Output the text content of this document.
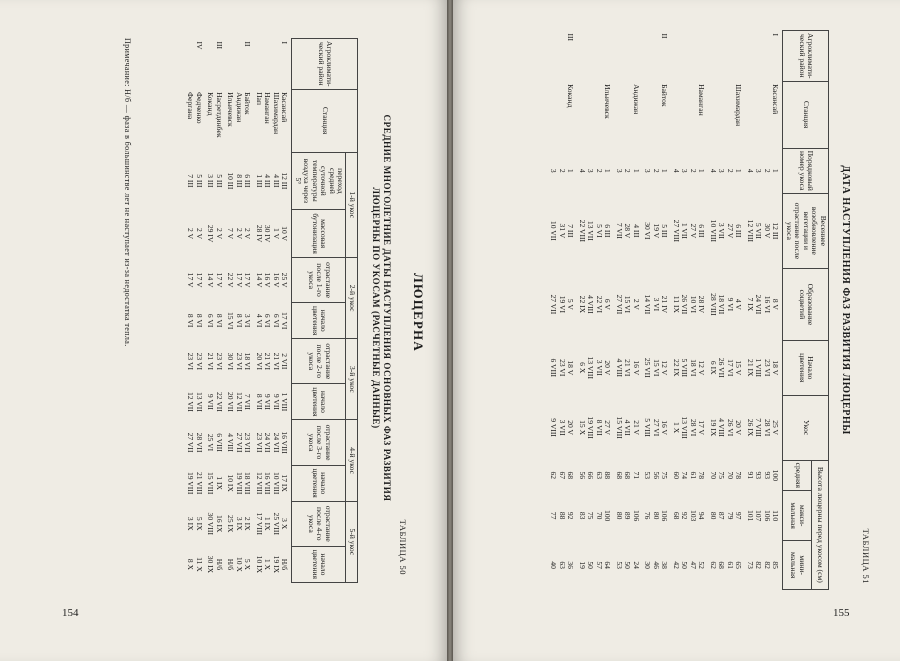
154
ЛЮЦЕРНА
ТАБЛИЦА 50
СРЕДНИЕ МНОГОЛЕТНИЕ ДАТЫ НАСТУПЛЕНИЯ ОСНОВНЫХ ФАЗ РАЗВИТИЯ ЛЮЦЕРНЫ ПО УКОСАМ (РАСЧЕТНЫЕ ДАННЫЕ)
Агроклимати- ческий район	Станция	1-й укос		2-й укос		3-й укос		4-й укос		5-й укос	
		переход средней суточной температуры воздуха через 5°	массовая бутонизация	отрастание после 1-го укоса	начало цветения	отрастание после 2-го укоса	начало цветения	отрастание после 3-го укоса	начало цветения	отрастание после 4-го укоса	начало цветения
I	Касансай	12 III	10 V	25 V	17 VI	2 VII	1 VIII	16 VIII	17 IX	3 X	Н/б
	Шахимардан	4 III	1 V	16 V	6 VI	21 VI	9 VII	24 VII	10 VIII	25 VIII	19 IX
	Наманган	4 III	30 IV	16 V	6 VI	21 VI	9 VII	24 VII	16 VIII	1 IX	1 X
	Пап	1 III	28 IV	14 V	4 VI	20 VI	8 VII	23 VII	12 VIII	17 VIII	10 IX
II	Байток	6 III	2 V	17 V	3 VI	18 VI	7 VII	23 VII	18 VIII	2 IX	5 X
	Андижан	8 III	2 V	17 V	8 VI	23 VI	12 VII	27 VII	19 VIII	3 IX	10 X
	Ильичевск	10 III	7 V	22 V	15 VI	30 VI	20 VII	4 VIII	10 IX	25 IX	Н/б
III	Насретдинбек	5 III	2 V	17 V	8 VI	23 VI	22 VII	6 VIII	1 IX	16 IX	Н/б
	Коканд	3 III	29 IV	14 V	6 VI	21 VI	9 VII	25 VI	15 VIII	30 VIII	30 IX
IV	Федченко	5 III	2 V	17 V	8 VI	23 VI	13 VII	28 VII	21 VIII	5 IX	11 X
	Фергана	7 III	2 V	17 V	8 VI	23 VI	12 VII	27 VII	19 VIII	3 IX	8 X
Примечание: Н/б — фаза в большинстве лет не наступает из-за недостатка тепла.
155
ТАБЛИЦА 51
ДАТА НАСТУПЛЕНИЯ ФАЗ РАЗВИТИЯ ЛЮЦЕРНЫ
Агроклимати- ческий район	Станция	Порядковый номер укоса	Весеннее возобновление вегетации и отрастание после укоса	Образование соцветий	Начало цветения	Укос	Высота люцерны перед укосом (см)		
							средняя	макси- мальная	мини- мальная
I	Касансай	1	12 III	8 V	18 V	25 V	100	110	85
		2	30 V	16 VI	23 VI	28 VI	93	106	82
		3	5 VII	24 VII	1 VIII	7 VIII	93	107	82
		4	12 VIII	7 IX	21 IX	26 IX	91	101	73
	Шахимардан	1	6 III	4 V	15 V	20 V	78	97	65
		2	27 V	9 VI	17 VI	26 VI	70	79	61
		3	3 VII	18 VII	26 VII	4 VIII	75	87	68
		4	10 VIII	28 VIII	6 IX	19 IX	70	80	62
	Наманган	1	6 III	28 IV	12 V	17 V	78	94	52
		2	27 V	10 VI	18 VI	28 VI	61	103	47
		3	1 VII	26 VII	5 VIII	13 VIII	74	92	50
		4	27 VIII	11 IX	22 IX	1 X	60	68	42
II	Байток	1	5 III	21 IV	12 V	16 V	75	106	38
		2	19 V	3 VI	15 VI	27 VI	56	80	46
		3	30 VI	14 VII	25 VII	5 VIII	53	76	30
	Андижан	1	4 III	2 V	16 V	21 V	71	106	24
		2	28 V	15 VI	21 VI	4 VII	68	89	50
		3	7 VII	27 VII	4 VIII	15 VIII	68	80	53
	Ильичевск	1	6 III	6 V	20 V	27 V	88	100	64
		2	5 VI	22 VI	3 VII	8 VII	63	70	57
		3	13 VII	4 VIII	13 VIII	19 VIII	66	75	50
		4	22 VIII	22 IX	6 X	15 X	56	83	19
III	Коканд	1	7 III	5 V	18 V	20 V	68	92	36
		2	31 V	19 VI	23 VI	3 VII	67	88	63
		3	10 VII	27 VII	6 VIII	9 VIII	62	77	40
